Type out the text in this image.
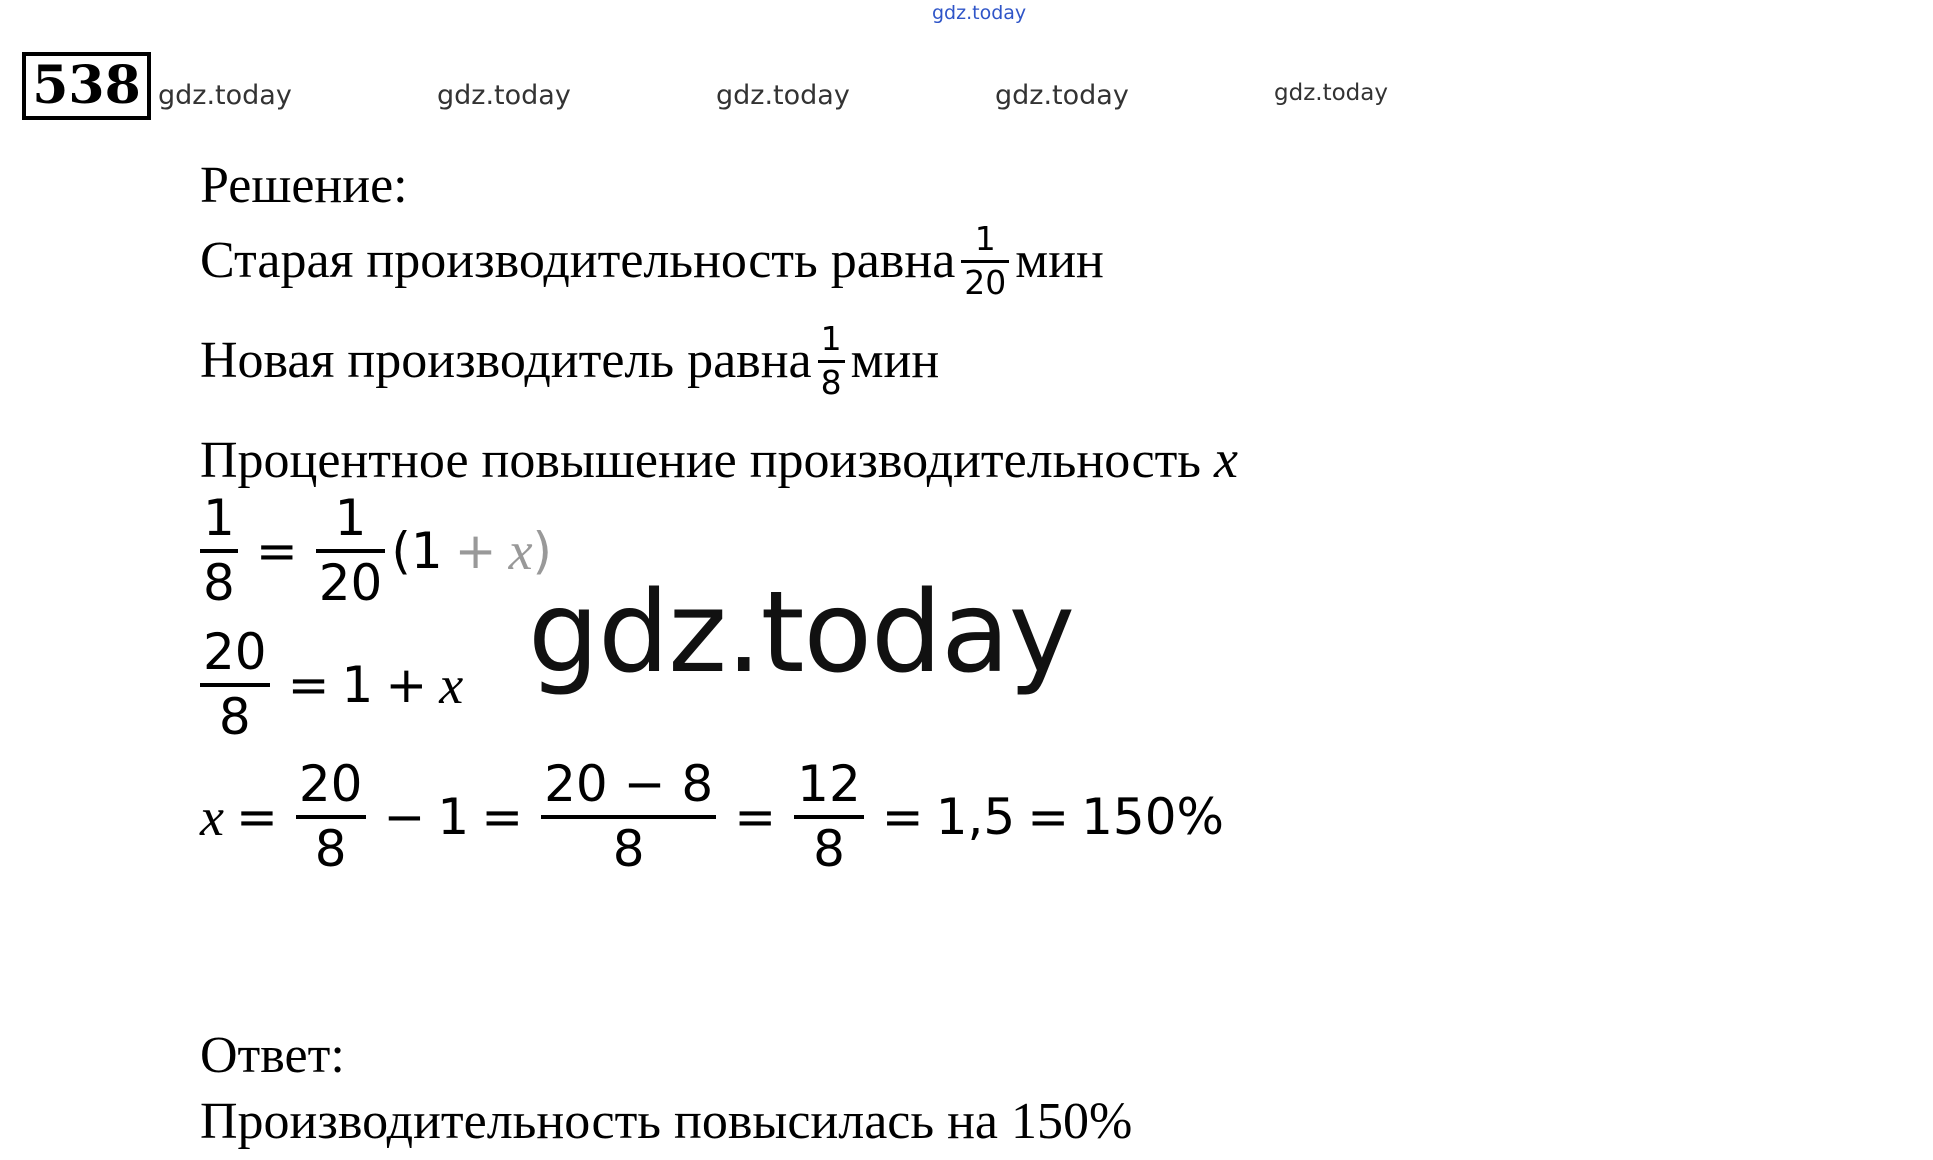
gdz.today
538 gdz.today	gdz.today	gdz.today	gdz.today	gdz.today
Решение:
Старая производительность равна $\frac{1}{20}$ мин
Новая производитель равна $\frac{1}{8}$ мин
Процентное повышение производительность x
$\frac{1}{8} = \frac{1}{20} (1 + x$ )
$\frac{20}{8} = 1 + x$
$x = \frac{20}{8} - 1 = \frac{20 - 8}{8} = \frac{12}{8} = 1,5 = 150\%$
gdz.today
Ответ:
Производительность повысилась на 150%
